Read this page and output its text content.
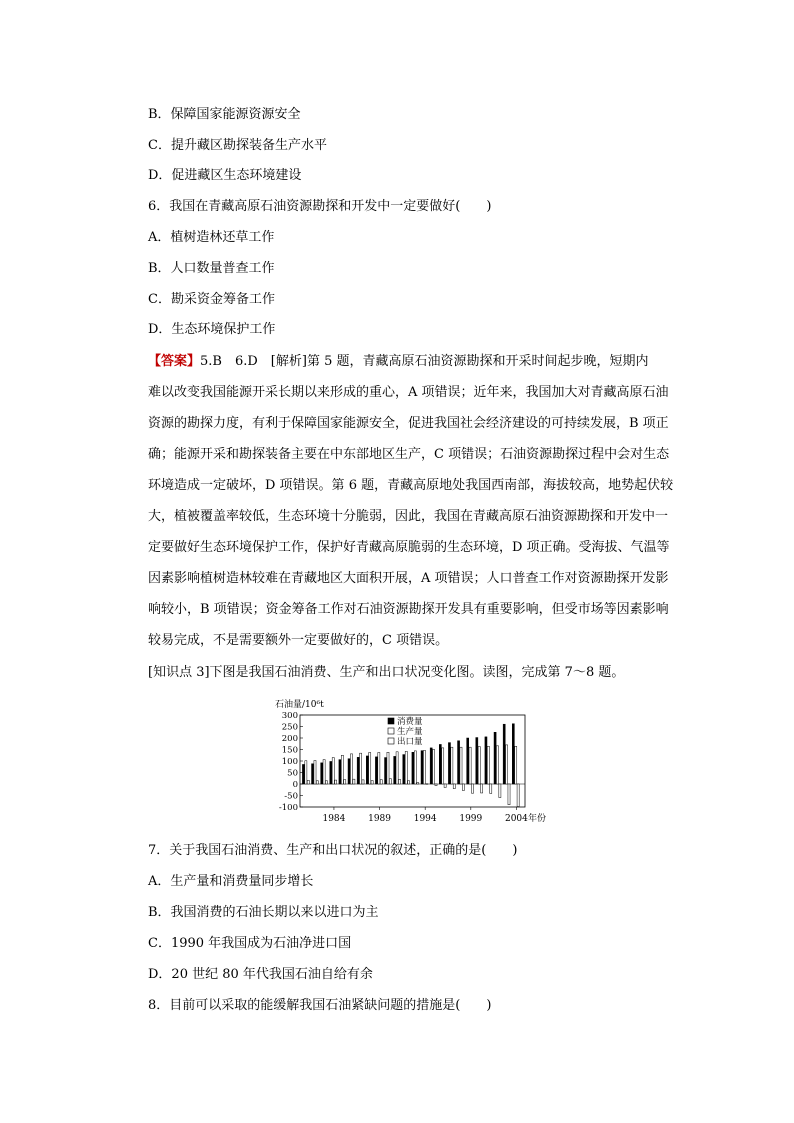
B．保障国家能源资源安全
C．提升藏区勘探装备生产水平
D．促进藏区生态环境建设
6．我国在青藏高原石油资源勘探和开发中一定要做好(　　)
A．植树造林还草工作
B．人口数量普查工作
C．勘采资金筹备工作
D．生态环境保护工作
【答案】5.B　6.D　[解析]第 5 题，青藏高原石油资源勘探和开采时间起步晚，短期内
难以改变我国能源开采长期以来形成的重心，A 项错误；近年来，我国加大对青藏高原石油
资源的勘探力度，有利于保障国家能源安全，促进我国社会经济建设的可持续发展，B 项正
确；能源开采和勘探装备主要在中东部地区生产，C 项错误；石油资源勘探过程中会对生态
环境造成一定破坏，D 项错误。第 6 题，青藏高原地处我国西南部，海拔较高，地势起伏较
大，植被覆盖率较低，生态环境十分脆弱，因此，我国在青藏高原石油资源勘探和开发中一
定要做好生态环境保护工作，保护好青藏高原脆弱的生态环境，D 项正确。受海拔、气温等
因素影响植树造林较难在青藏地区大面积开展，A 项错误；人口普查工作对资源勘探开发影
响较小，B 项错误；资金筹备工作对石油资源勘探开发具有重要影响，但受市场等因素影响
较易完成，不是需要额外一定要做好的，C 项错误。
[知识点 3]下图是我国石油消费、生产和出口状况变化图。读图，完成第 7～8 题。
石油量/10⁶t
300
250
200
150
100
50
0
-50
-100
1984	1989	1994	1999	2004 年份
消费量
生产量
出口量
7．关于我国石油消费、生产和出口状况的叙述，正确的是(　　)
A．生产量和消费量同步增长
B．我国消费的石油长期以来以进口为主
C．1990 年我国成为石油净进口国
D．20 世纪 80 年代我国石油自给有余
8．目前可以采取的能缓解我国石油紧缺问题的措施是(　　)
